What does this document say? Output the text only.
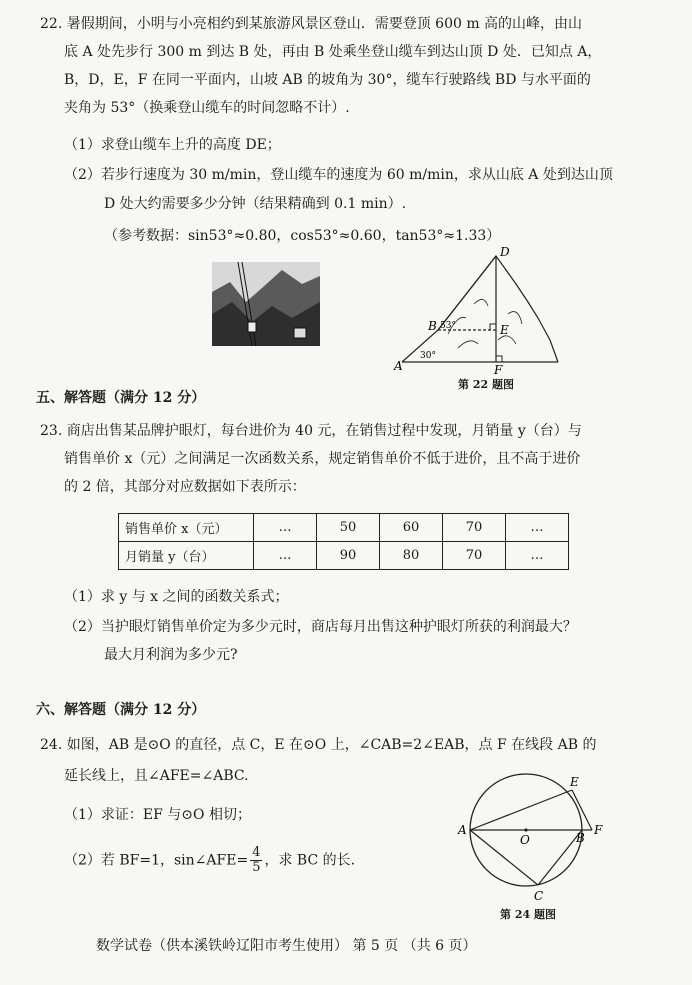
22. 暑假期间，小明与小亮相约到某旅游风景区登山．需要登顶 600 m 高的山峰，由山
底 A 处先步行 300 m 到达 B 处，再由 B 处乘坐登山缆车到达山顶 D 处．已知点 A，
B，D，E，F 在同一平面内，山坡 AB 的坡角为 30°，缆车行驶路线 BD 与水平面的
夹角为 53°（换乘登山缆车的时间忽略不计）.
（1）求登山缆车上升的高度 DE；
（2）若步行速度为 30 m/min，登山缆车的速度为 60 m/min，求从山底 A 处到达山顶
D 处大约需要多少分钟（结果精确到 0.1 min）.
（参考数据：sin53°≈0.80，cos53°≈0.60，tan53°≈1.33）
D
B 53°	E
A
30°
F
第 22 题图
五、解答题（满分 12 分）
23. 商店出售某品牌护眼灯，每台进价为 40 元，在销售过程中发现，月销量 y（台）与
销售单价 x（元）之间满足一次函数关系，规定销售单价不低于进价，且不高于进价
的 2 倍，其部分对应数据如下表所示：
销售单价 x（元）	…	50	60	70	…
月销量 y（台）	…	90	80	70	…
（1）求 y 与 x 之间的函数关系式；
（2）当护眼灯销售单价定为多少元时，商店每月出售这种护眼灯所获的利润最大？
最大月利润为多少元?
六、解答题（满分 12 分）
24. 如图，AB 是⊙O 的直径，点 C，E 在⊙O 上，∠CAB=2∠EAB，点 F 在线段 AB 的
延长线上，且∠AFE=∠ABC.
（1）求证：EF 与⊙O 相切；
（2）若 BF=1，sin∠AFE= $\frac{4}{5}$ ，求 BC 的长.
A
O	B
F
E
C
第 24 题图
数学试卷（供本溪铁岭辽阳市考生使用） 第 5 页 （共 6 页）
